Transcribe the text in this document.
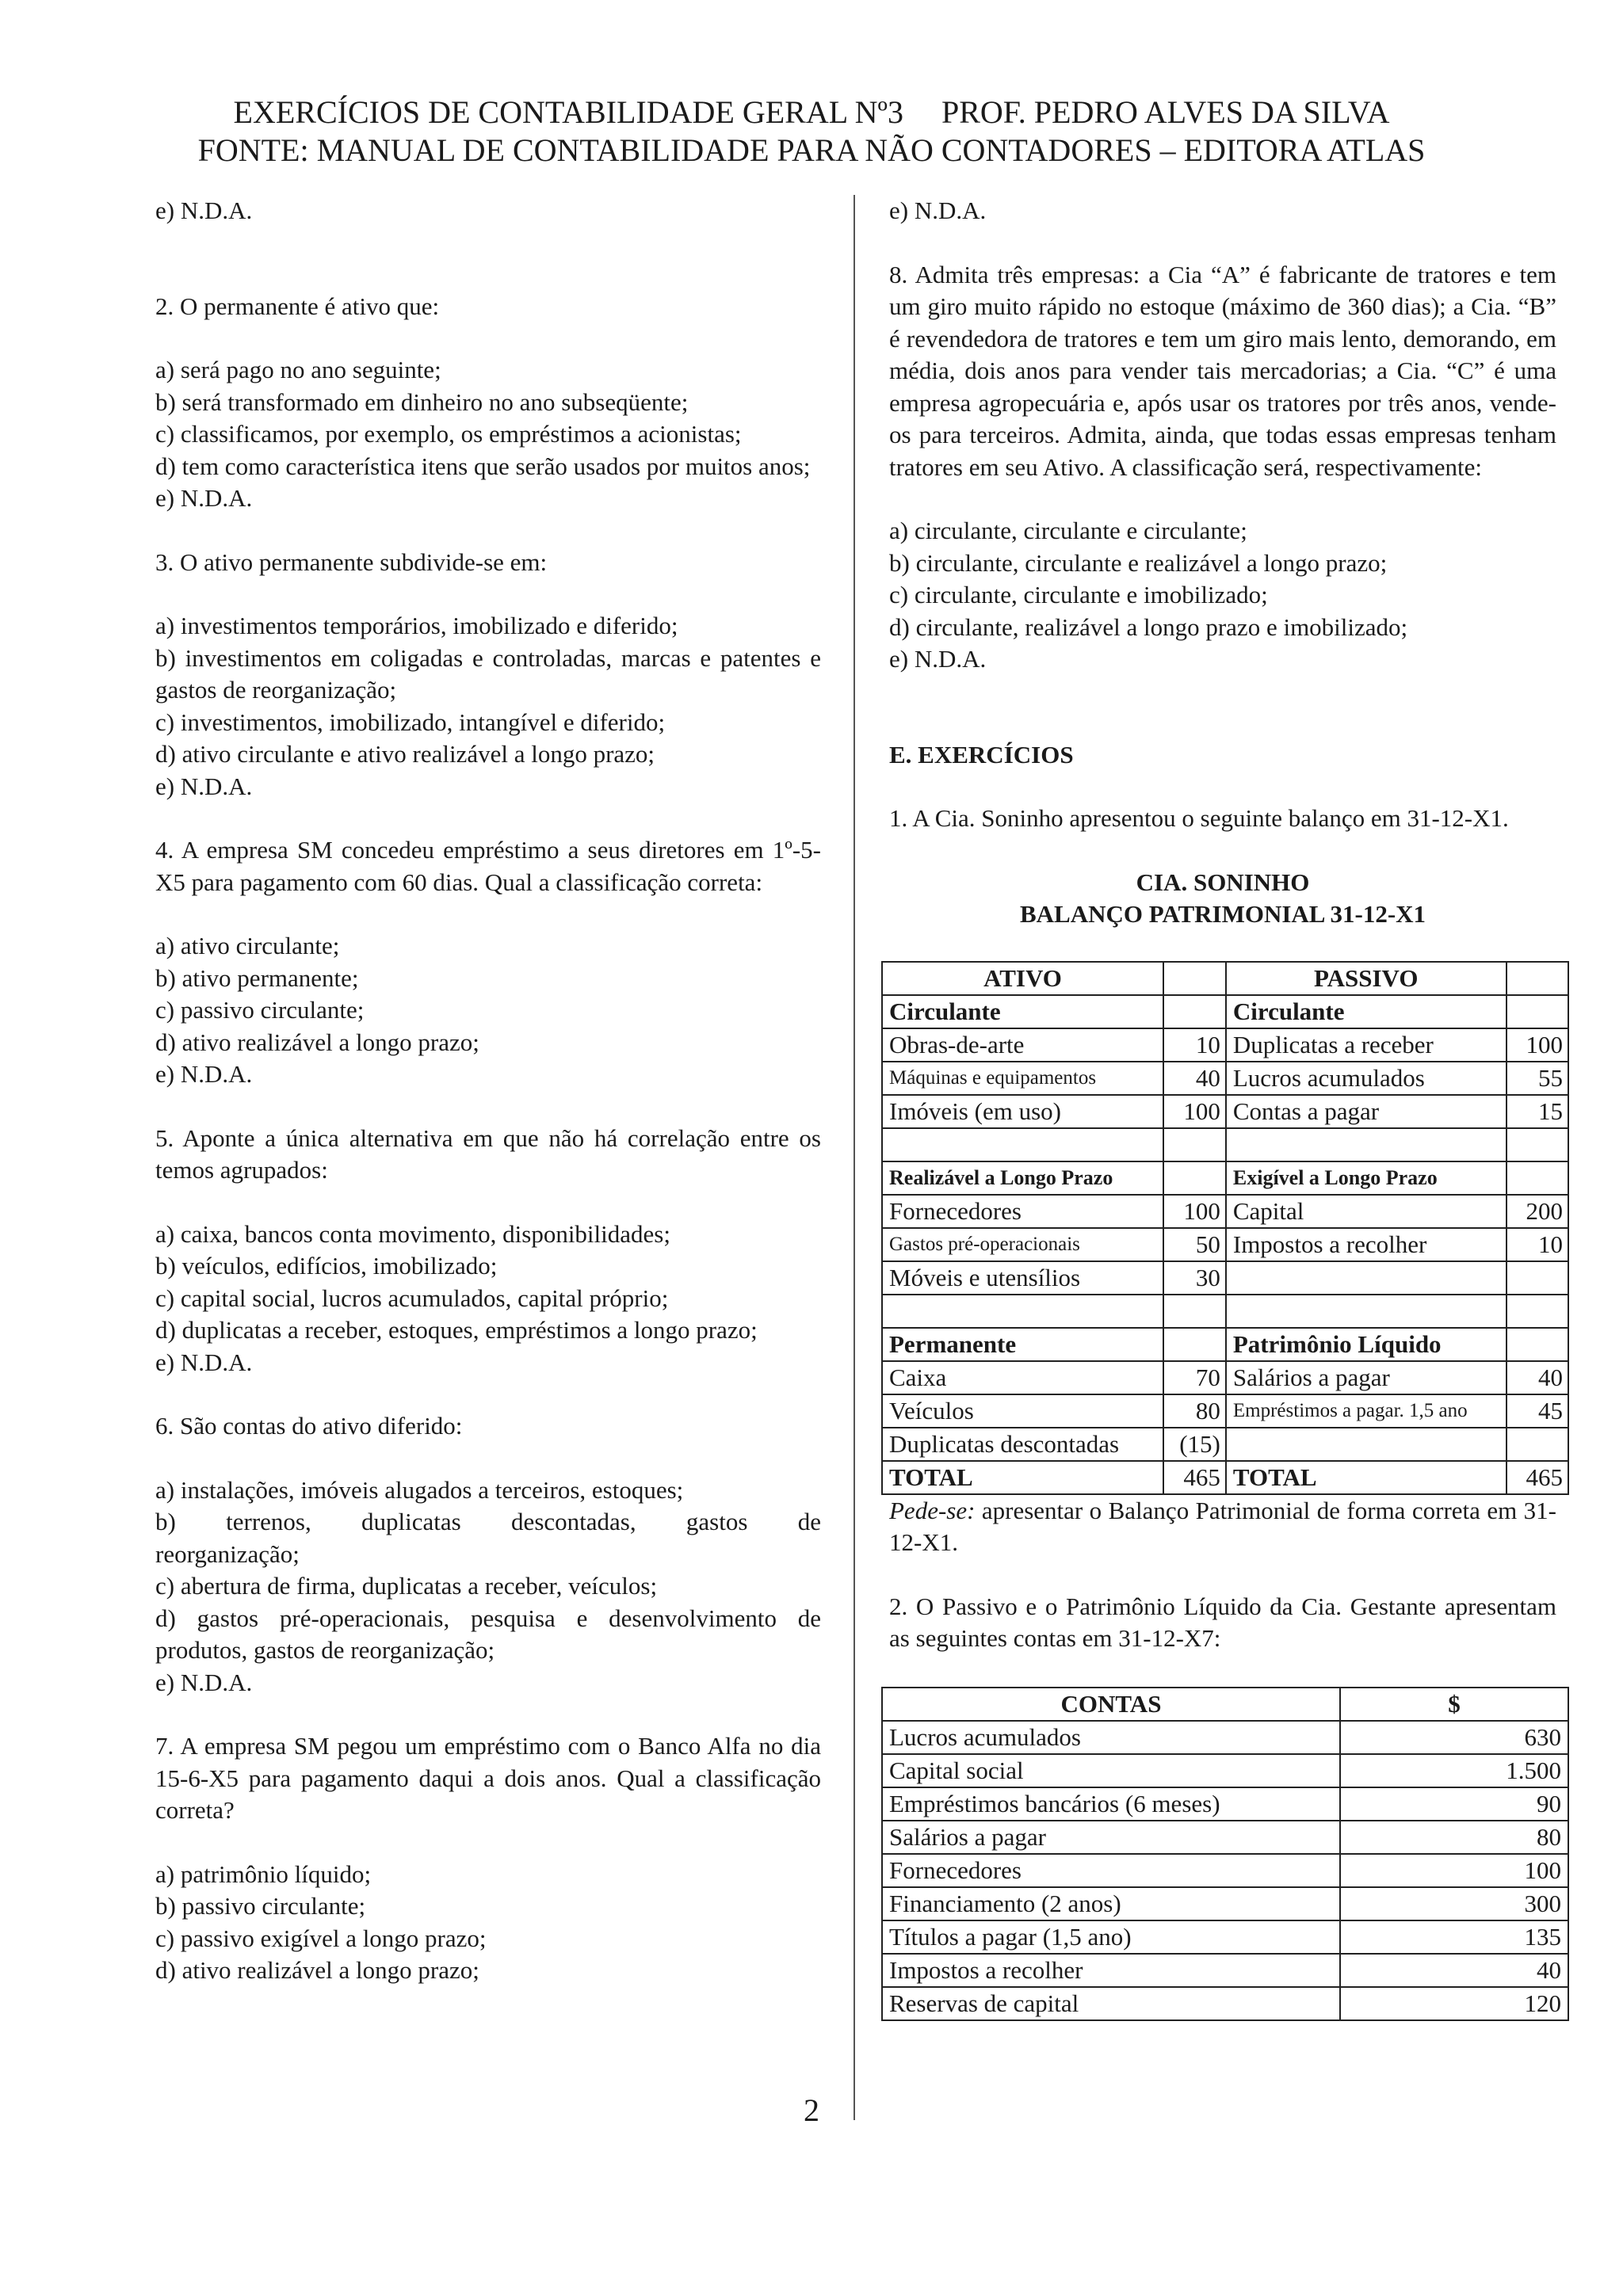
EXERCÍCIOS DE CONTABILIDADE GERAL Nº3 PROF. PEDRO ALVES DA SILVA
FONTE: MANUAL DE CONTABILIDADE PARA NÃO CONTADORES – EDITORA ATLAS

e) N.D.A.

2. O permanente é ativo que:

a) será pago no ano seguinte;

b) será transformado em dinheiro no ano subseqüente;

c) classificamos, por exemplo, os empréstimos a acionistas;

d) tem como característica itens que serão usados por muitos anos;

e) N.D.A.

3. O ativo permanente subdivide-se em:

a) investimentos temporários, imobilizado e diferido;

b) investimentos em coligadas e controladas, marcas e patentes e gastos de reorganização;

c) investimentos, imobilizado, intangível e diferido;

d) ativo circulante e ativo realizável a longo prazo;

e) N.D.A.

4. A empresa SM concedeu empréstimo a seus diretores em 1º-5-X5 para pagamento com 60 dias. Qual a classificação correta:

a) ativo circulante;

b) ativo permanente;

c) passivo circulante;

d) ativo realizável a longo prazo;

e) N.D.A.

5. Aponte a única alternativa em que não há correlação entre os temos agrupados:

a) caixa, bancos conta movimento, disponibilidades;

b) veículos, edifícios, imobilizado;

c) capital social, lucros acumulados, capital próprio;

d) duplicatas a receber, estoques, empréstimos a longo prazo;

e) N.D.A.

6. São contas do ativo diferido:

a) instalações, imóveis alugados a terceiros, estoques;

b) terrenos, duplicatas descontadas, gastos de reorganização;

c) abertura de firma, duplicatas a receber, veículos;

d) gastos pré-operacionais, pesquisa e desenvolvimento de produtos, gastos de reorganização;

e) N.D.A.

7. A empresa SM pegou um empréstimo com o Banco Alfa no dia 15-6-X5 para pagamento daqui a dois anos. Qual a classificação correta?

a) patrimônio líquido;

b) passivo circulante;

c) passivo exigível a longo prazo;

d) ativo realizável a longo prazo;

e) N.D.A.

8. Admita três empresas: a Cia “A” é fabricante de tratores e tem um giro muito rápido no estoque (máximo de 360 dias); a Cia. “B” é revendedora de tratores e tem um giro mais lento, demorando, em média, dois anos para vender tais mercadorias; a Cia. “C” é uma empresa agropecuária e, após usar os tratores por três anos, vende-os para terceiros. Admita, ainda, que todas essas empresas tenham tratores em seu Ativo. A classificação será, respectivamente:

a) circulante, circulante e circulante;

b) circulante, circulante e realizável a longo prazo;

c) circulante, circulante e imobilizado;

d) circulante, realizável a longo prazo e imobilizado;

e) N.D.A.

E. EXERCÍCIOS

1. A Cia. Soninho apresentou o seguinte balanço em 31-12-X1.

CIA. SONINHO

BALANÇO PATRIMONIAL 31-12-X1

ATIVO		PASSIVO	
Circulante		Circulante	
Obras-de-arte	10	Duplicatas a receber	100
Máquinas e equipamentos	40	Lucros acumulados	55
Imóveis (em uso)	100	Contas a pagar	15

Realizável a Longo Prazo		Exigível a Longo Prazo	
Fornecedores	100	Capital	200
Gastos pré-operacionais	50	Impostos a recolher	10
Móveis e utensílios	30		

Permanente		Patrimônio Líquido	
Caixa	70	Salários a pagar	40
Veículos	80	Empréstimos a pagar. 1,5 ano	45
Duplicatas descontadas	(15)		
TOTAL	465	TOTAL	465

Pede-se: apresentar o Balanço Patrimonial de forma correta em 31-12-X1.

2. O Passivo e o Patrimônio Líquido da Cia. Gestante apresentam as seguintes contas em 31-12-X7:

CONTAS	$
Lucros acumulados	630
Capital social	1.500
Empréstimos bancários (6 meses)	90
Salários a pagar	80
Fornecedores	100
Financiamento (2 anos)	300
Títulos a pagar (1,5 ano)	135
Impostos a recolher	40
Reservas de capital	120
2
